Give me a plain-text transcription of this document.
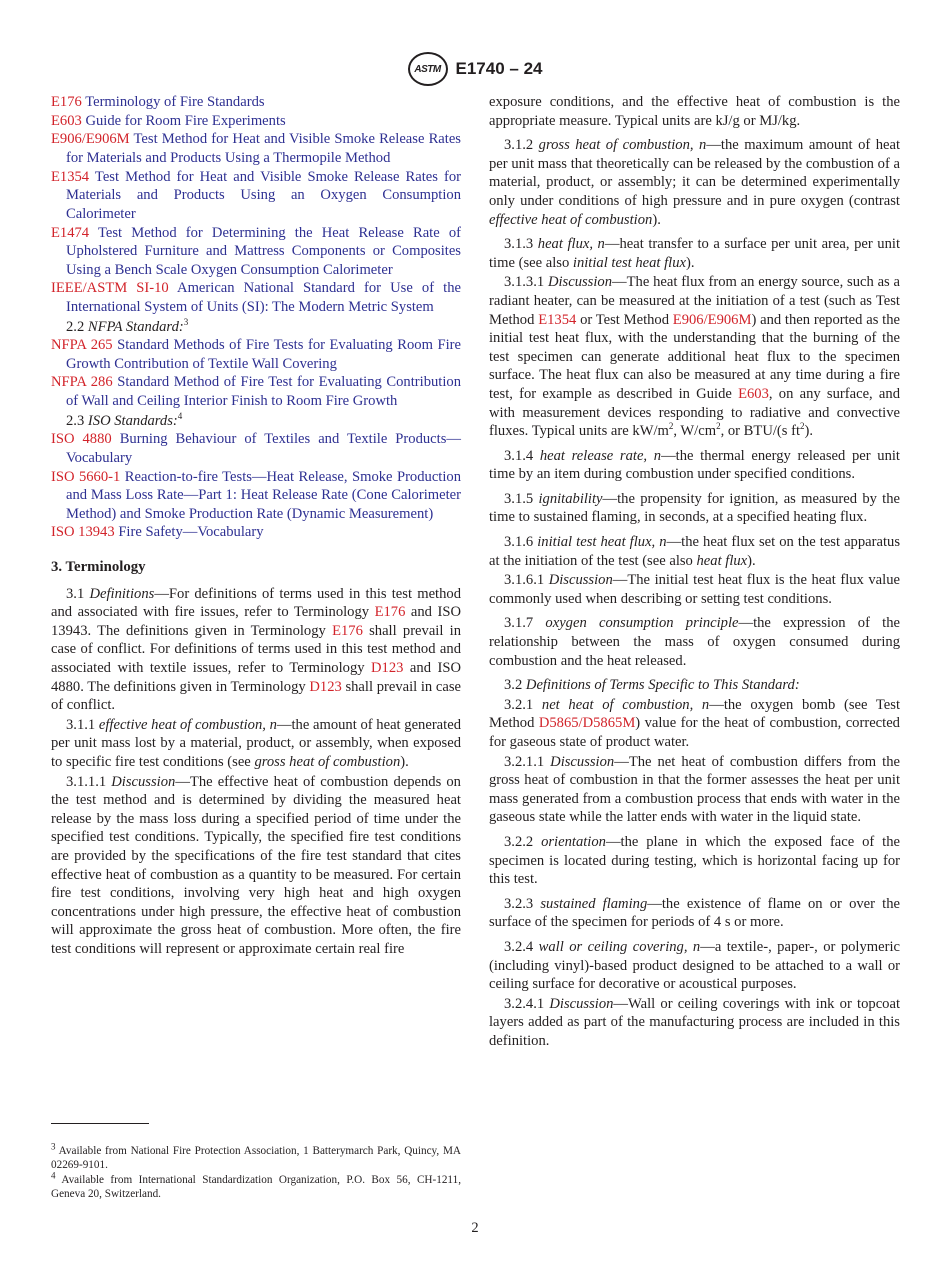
ASTM E1740 – 24

E176 Terminology of Fire Standards

E603 Guide for Room Fire Experiments

E906/E906M Test Method for Heat and Visible Smoke Release Rates for Materials and Products Using a Thermopile Method

E1354 Test Method for Heat and Visible Smoke Release Rates for Materials and Products Using an Oxygen Consumption Calorimeter

E1474 Test Method for Determining the Heat Release Rate of Upholstered Furniture and Mattress Components or Composites Using a Bench Scale Oxygen Consumption Calorimeter

IEEE/ASTM SI-10 American National Standard for Use of the International System of Units (SI): The Modern Metric System

2.2 NFPA Standard:$^3$

NFPA 265 Standard Methods of Fire Tests for Evaluating Room Fire Growth Contribution of Textile Wall Covering

NFPA 286 Standard Method of Fire Test for Evaluating Contribution of Wall and Ceiling Interior Finish to Room Fire Growth

2.3 ISO Standards:$^4$

ISO 4880 Burning Behaviour of Textiles and Textile Products—Vocabulary

ISO 5660-1 Reaction-to-fire Tests—Heat Release, Smoke Production and Mass Loss Rate—Part 1: Heat Release Rate (Cone Calorimeter Method) and Smoke Production Rate (Dynamic Measurement)

ISO 13943 Fire Safety—Vocabulary

3. Terminology

3.1 Definitions—For definitions of terms used in this test method and associated with fire issues, refer to Terminology E176 and ISO 13943. The definitions given in Terminology E176 shall prevail in case of conflict. For definitions of terms used in this test method and associated with textile issues, refer to Terminology D123 and ISO 4880. The definitions given in Terminology D123 shall prevail in case of conflict.

3.1.1 effective heat of combustion, n—the amount of heat generated per unit mass lost by a material, product, or assembly, when exposed to specific fire test conditions (see gross heat of combustion).

3.1.1.1 Discussion—The effective heat of combustion depends on the test method and is determined by dividing the measured heat release by the mass loss during a specified period of time under the specified test conditions. Typically, the specified fire test conditions are provided by the specifications of the fire test standard that cites effective heat of combustion as a quantity to be measured. For certain fire test conditions, involving very high heat and high oxygen concentrations under high pressure, the effective heat of combustion will approximate the gross heat of combustion. More often, the fire test conditions will represent or approximate certain real fire

exposure conditions, and the effective heat of combustion is the appropriate measure. Typical units are kJ/g or MJ/kg.

3.1.2 gross heat of combustion, n—the maximum amount of heat per unit mass that theoretically can be released by the combustion of a material, product, or assembly; it can be determined experimentally only under conditions of high pressure and in pure oxygen (contrast effective heat of combustion).

3.1.3 heat flux, n—heat transfer to a surface per unit area, per unit time (see also initial test heat flux).

3.1.3.1 Discussion—The heat flux from an energy source, such as a radiant heater, can be measured at the initiation of a test (such as Test Method E1354 or Test Method E906/E906M) and then reported as the initial test heat flux, with the understanding that the burning of the test specimen can generate additional heat flux to the specimen surface. The heat flux can also be measured at any time during a fire test, for example as described in Guide E603, on any surface, and with measurement devices responding to radiative and convective fluxes. Typical units are $kW/m^2$, $W/cm^2$, or BTU/(s $ft^2$).

3.1.4 heat release rate, n—the thermal energy released per unit time by an item during combustion under specified conditions.

3.1.5 ignitability—the propensity for ignition, as measured by the time to sustained flaming, in seconds, at a specified heating flux.

3.1.6 initial test heat flux, n—the heat flux set on the test apparatus at the initiation of the test (see also heat flux).

3.1.6.1 Discussion—The initial test heat flux is the heat flux value commonly used when describing or setting test conditions.

3.1.7 oxygen consumption principle—the expression of the relationship between the mass of oxygen consumed during combustion and the heat released.

3.2 Definitions of Terms Specific to This Standard:

3.2.1 net heat of combustion, n—the oxygen bomb (see Test Method D5865/D5865M) value for the heat of combustion, corrected for gaseous state of product water.

3.2.1.1 Discussion—The net heat of combustion differs from the gross heat of combustion in that the former assesses the heat per unit mass generated from a combustion process that ends with water in the gaseous state while the latter ends with water in the liquid state.

3.2.2 orientation—the plane in which the exposed face of the specimen is located during testing, which is horizontal facing up for this test.

3.2.3 sustained flaming—the existence of flame on or over the surface of the specimen for periods of 4 s or more.

3.2.4 wall or ceiling covering, n—a textile-, paper-, or polymeric (including vinyl)-based product designed to be attached to a wall or ceiling surface for decorative or acoustical purposes.

3.2.4.1 Discussion—Wall or ceiling coverings with ink or topcoat layers added as part of the manufacturing process are included in this definition.

$^3$ Available from National Fire Protection Association, 1 Batterymarch Park, Quincy, MA 02269-9101.

$^4$ Available from International Standardization Organization, P.O. Box 56, CH-1211, Geneva 20, Switzerland.

2
